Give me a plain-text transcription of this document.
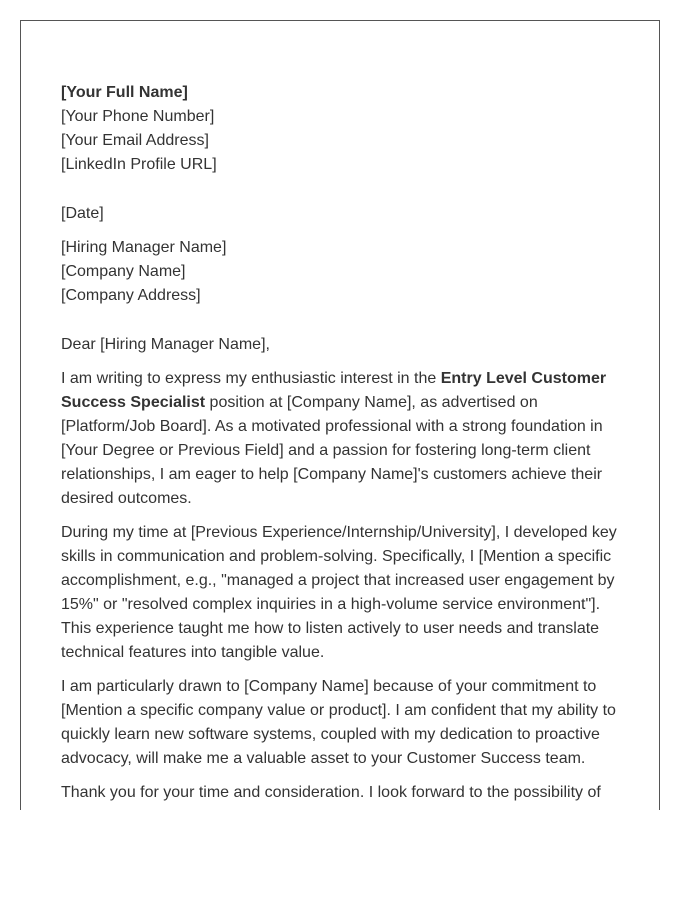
[Your Full Name]

[Your Phone Number]

[Your Email Address]

[LinkedIn Profile URL]

[Date]

[Hiring Manager Name]

[Company Name]

[Company Address]

Dear [Hiring Manager Name],

I am writing to express my enthusiastic interest in the Entry Level Customer Success Specialist position at [Company Name], as advertised on [Platform/Job Board]. As a motivated professional with a strong foundation in [Your Degree or Previous Field] and a passion for fostering long-term client relationships, I am eager to help [Company Name]'s customers achieve their desired outcomes.

During my time at [Previous Experience/Internship/University], I developed key skills in communication and problem-solving. Specifically, I [Mention a specific accomplishment, e.g., "managed a project that increased user engagement by 15%" or "resolved complex inquiries in a high-volume service environment"]. This experience taught me how to listen actively to user needs and translate technical features into tangible value.

I am particularly drawn to [Company Name] because of your commitment to [Mention a specific company value or product]. I am confident that my ability to quickly learn new software systems, coupled with my dedication to proactive advocacy, will make me a valuable asset to your Customer Success team.

Thank you for your time and consideration. I look forward to the possibility of
